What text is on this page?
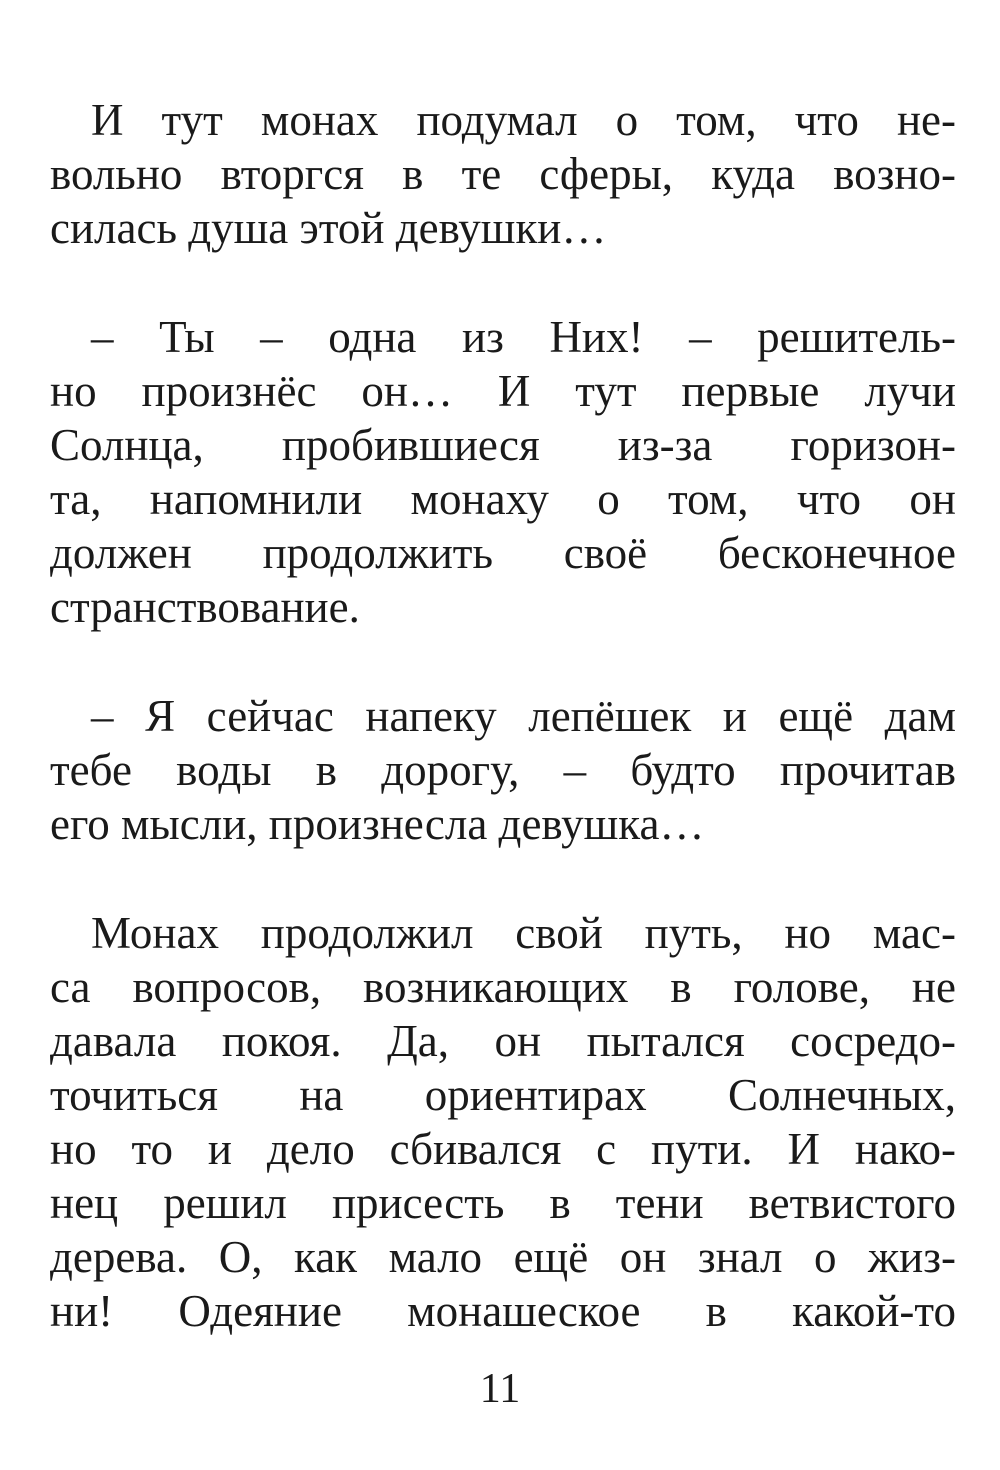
И тут монах подумал о том, что не-
вольно вторгся в те сферы, куда возно-
силась душа этой девушки…
– Ты – одна из Них! – решитель-
но произнёс он… И тут первые лучи
Солнца, пробившиеся из-за горизон-
та, напомнили монаху о том, что он
должен продолжить своё бесконечное
странствование.
– Я сейчас напеку лепёшек и ещё дам
тебе воды в дорогу, – будто прочитав
его мысли, произнесла девушка…
Монах продолжил свой путь, но мас-
са вопросов, возникающих в голове, не
давала покоя. Да, он пытался сосредо-
точиться на ориентирах Солнечных,
но то и дело сбивался с пути. И нако-
нец решил присесть в тени ветвистого
дерева. О, как мало ещё он знал о жиз-
ни! Одеяние монашеское в какой-то
11
